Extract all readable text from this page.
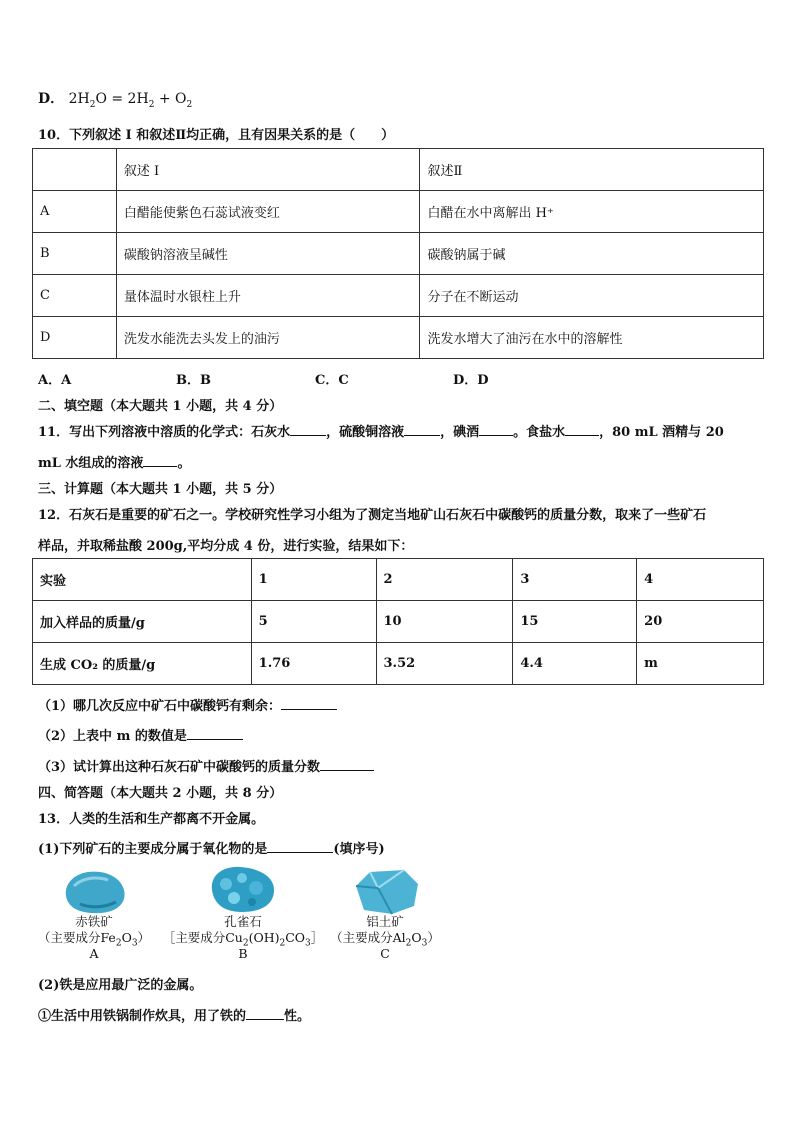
D． $2H_2O = 2H_2 + O_2$
10．下列叙述 I 和叙述Ⅱ均正确，且有因果关系的是（　　）
	叙述 I	叙述Ⅱ
A	白醋能使紫色石蕊试液变红	白醋在水中离解出 H⁺
B	碳酸钠溶液呈碱性	碳酸钠属于碱
C	量体温时水银柱上升	分子在不断运动
D	洗发水能洗去头发上的油污	洗发水增大了油污在水中的溶解性
A．A	B．B	C．C	D．D
二、填空题（本大题共 1 小题，共 4 分）
11．写出下列溶液中溶质的化学式：石灰水	，硫酸铜溶液	，碘酒	。食盐水	，80 mL 酒精与 20
mL 水组成的溶液	。
三、计算题（本大题共 1 小题，共 5 分）
12．石灰石是重要的矿石之一。学校研究性学习小组为了测定当地矿山石灰石中碳酸钙的质量分数，取来了一些矿石
样品，并取稀盐酸 200g,平均分成 4 份，进行实验，结果如下：
实验	1	2	3	4
加入样品的质量/g	5	10	15	20
生成 CO₂ 的质量/g	1.76	3.52	4.4	m
（1）哪几次反应中矿石中碳酸钙有剩余：
（2）上表中 m 的数值是
（3）试计算出这种石灰石矿中碳酸钙的质量分数
四、简答题（本大题共 2 小题，共 8 分）
13．人类的生活和生产都离不开金属。
(1)下列矿石的主要成分属于氧化物的是	(填序号)
赤铁矿
（主要成分$Fe_2O_3$）
A
孔雀石
［主要成分$Cu_2(OH)_2CO_3]$
B
铝土矿
（主要成分$Al_2O_3$）
C
(2)铁是应用最广泛的金属。
①生活中用铁锅制作炊具，用了铁的	性。
